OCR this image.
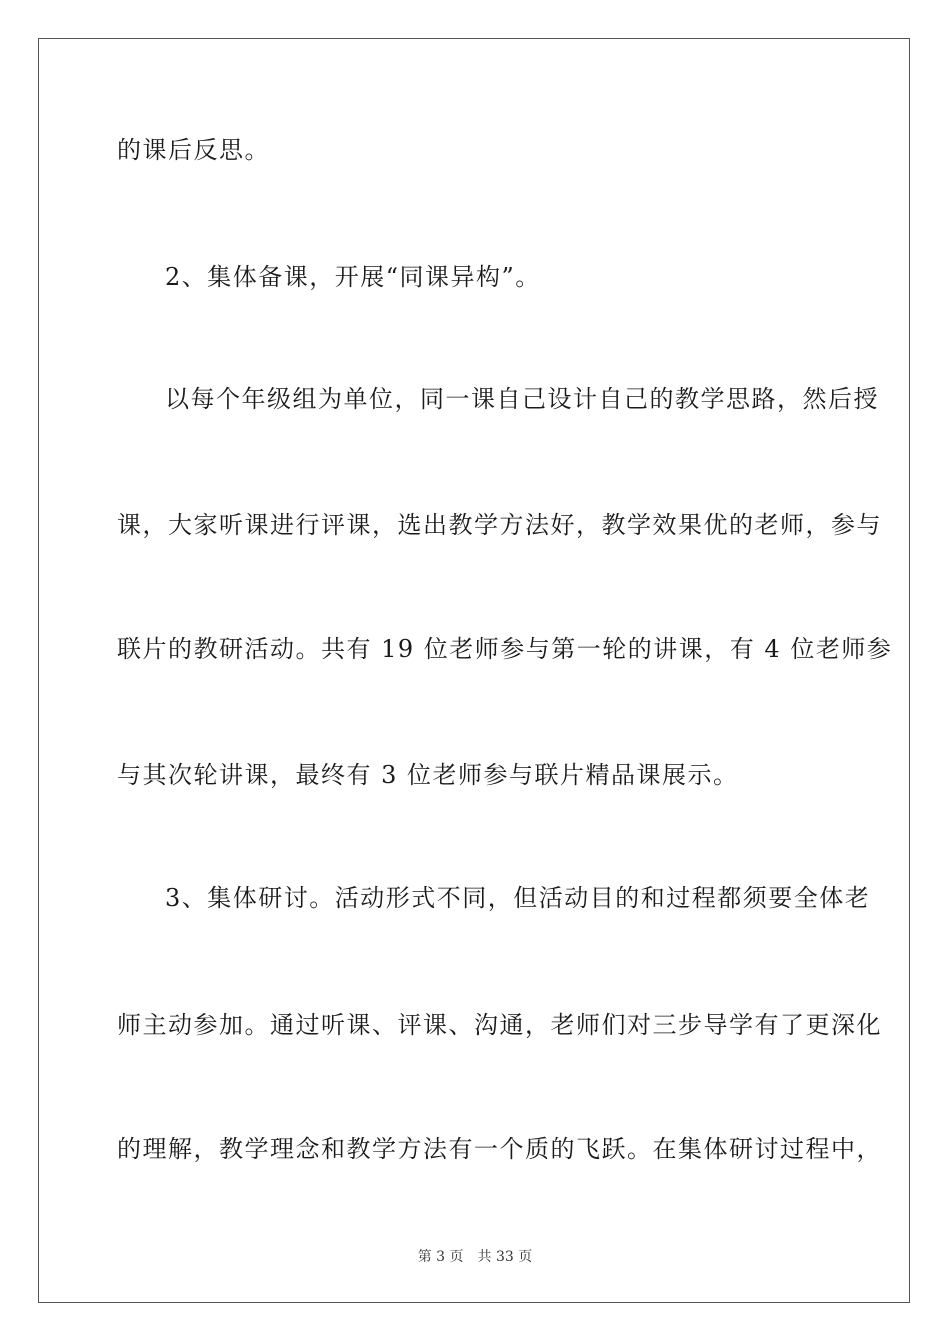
的课后反思。

2、集体备课，开展“同课异构”。

以每个年级组为单位，同一课自己设计自己的教学思路，然后授

课，大家听课进行评课，选出教学方法好，教学效果优的老师，参与

联片的教研活动。共有 19 位老师参与第一轮的讲课，有 4 位老师参

与其次轮讲课，最终有 3 位老师参与联片精品课展示。

3、集体研讨。活动形式不同，但活动目的和过程都须要全体老

师主动参加。通过听课、评课、沟通，老师们对三步导学有了更深化

的理解，教学理念和教学方法有一个质的飞跃。在集体研讨过程中，

第 3 页 共 33 页
